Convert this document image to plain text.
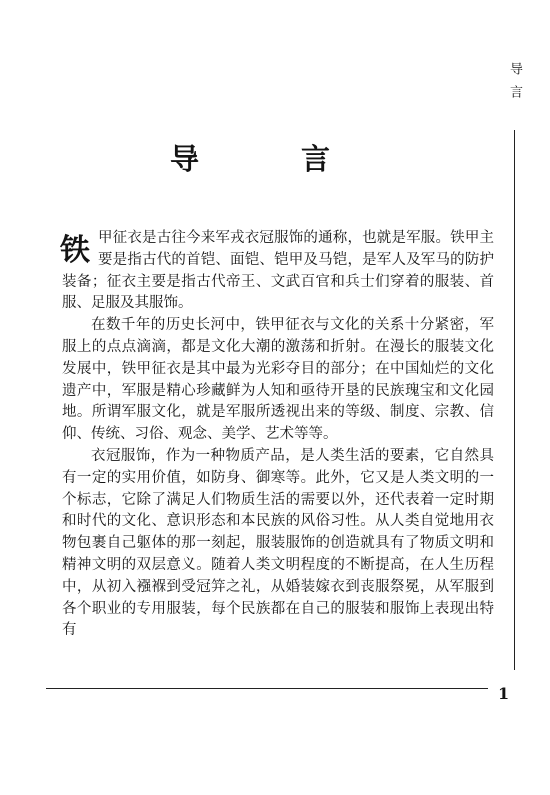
导言
导 言

铁甲征衣是古往今来军戎衣冠服饰的通称，也就是军服。铁甲主要是指古代的首铠、面铠、铠甲及马铠，是军人及军马的防护装备；征衣主要是指古代帝王、文武百官和兵士们穿着的服装、首服、足服及其服饰。

在数千年的历史长河中，铁甲征衣与文化的关系十分紧密，军服上的点点滴滴，都是文化大潮的激荡和折射。在漫长的服装文化发展中，铁甲征衣是其中最为光彩夺目的部分；在中国灿烂的文化遗产中，军服是精心珍藏鲜为人知和亟待开垦的民族瑰宝和文化园地。所谓军服文化，就是军服所透视出来的等级、制度、宗教、信仰、传统、习俗、观念、美学、艺术等等。

衣冠服饰，作为一种物质产品，是人类生活的要素，它自然具有一定的实用价值，如防身、御寒等。此外，它又是人类文明的一个标志，它除了满足人们物质生活的需要以外，还代表着一定时期和时代的文化、意识形态和本民族的风俗习性。从人类自觉地用衣物包裹自己躯体的那一刻起，服装服饰的创造就具有了物质文明和精神文明的双层意义。随着人类文明程度的不断提高，在人生历程中，从初入襁褓到受冠笄之礼，从婚装嫁衣到丧服祭冕，从军服到各个职业的专用服装，每个民族都在自己的服装和服饰上表现出特有

1
